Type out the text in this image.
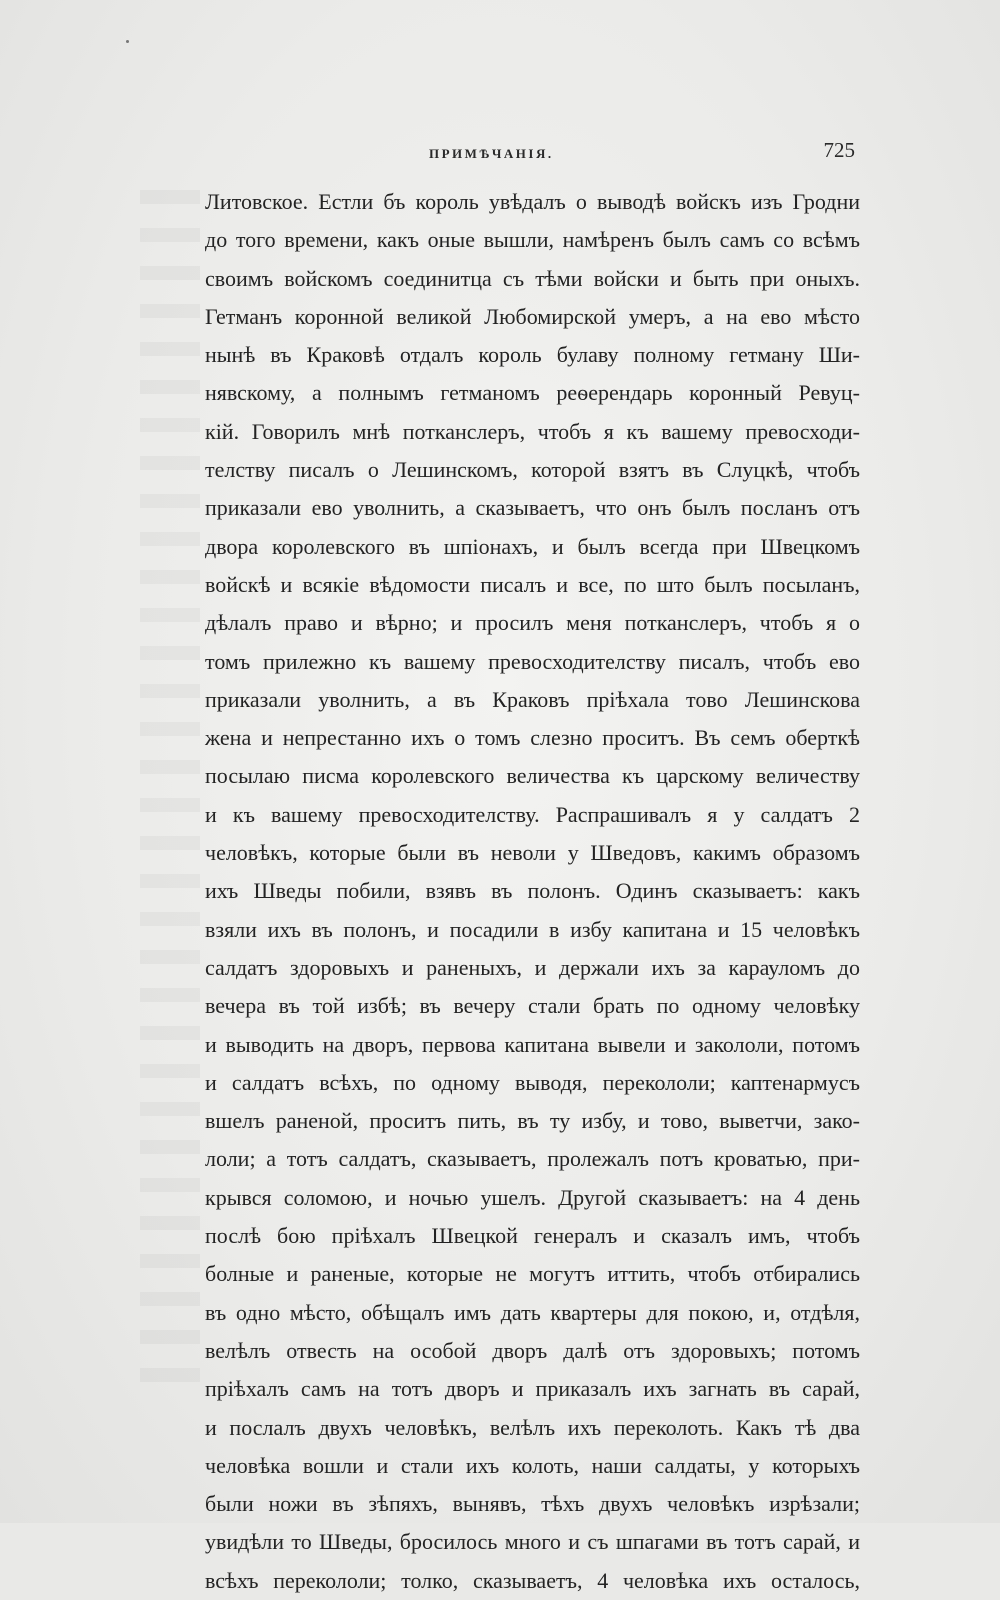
ПРИМѢЧАНІЯ.	725
Литовское. Естли бъ король увѣдалъ о выводѣ войскъ изъ Гродни
до того времени, какъ оные вышли, намѣренъ былъ самъ со всѣмъ
своимъ войскомъ соединитца съ тѣми войски и быть при оныхъ.
Гетманъ коронной великой Любомирской умеръ, а на ево мѣсто
нынѣ въ Краковѣ отдалъ король булаву полному гетману Ши-
нявскому, а полнымъ гетманомъ реѳерендарь коронный Ревуц-
кій. Говорилъ мнѣ потканслеръ, чтобъ я къ вашему превосходи-
телству писалъ о Лешинскомъ, которой взятъ въ Слуцкѣ, чтобъ
приказали ево уволнить, а сказываетъ, что онъ былъ посланъ отъ
двора королевского въ шпіонахъ, и былъ всегда при Швецкомъ
войскѣ и всякіе вѣдомости писалъ и все, по што былъ посыланъ,
дѣлалъ право и вѣрно; и просилъ меня потканслеръ, чтобъ я о
томъ прилежно къ вашему превосходителству писалъ, чтобъ ево
приказали уволнить, а въ Краковъ пріѣхала тово Лешинскова
жена и непрестанно ихъ о томъ слезно проситъ. Въ семъ оберткѣ
посылаю писма королевского величества къ царскому величеству
и къ вашему превосходителству. Распрашивалъ я у салдатъ 2
человѣкъ, которые были въ неволи у Шведовъ, какимъ образомъ
ихъ Шведы побили, взявъ въ полонъ. Одинъ сказываетъ: какъ
взяли ихъ въ полонъ, и посадили в избу капитана и 15 человѣкъ
салдатъ здоровыхъ и раненыхъ, и держали ихъ за карауломъ до
вечера въ той избѣ; въ вечеру стали брать по одному человѣку
и выводить на дворъ, первова капитана вывели и закололи, потомъ
и салдатъ всѣхъ, по одному выводя, перекололи; каптенармусъ
вшелъ раненой, проситъ пить, въ ту избу, и тово, выветчи, зако-
лоли; а тотъ салдатъ, сказываетъ, пролежалъ потъ кроватью, при-
крывся соломою, и ночью ушелъ. Другой сказываетъ: на 4 день
послѣ бою пріѣхалъ Швецкой генералъ и сказалъ имъ, чтобъ
болные и раненые, которые не могутъ иттить, чтобъ отбирались
въ одно мѣсто, обѣщалъ имъ дать квартеры для покою, и, отдѣля,
велѣлъ отвесть на особой дворъ далѣ отъ здоровыхъ; потомъ
пріѣхалъ самъ на тотъ дворъ и приказалъ ихъ загнать въ сарай,
и послалъ двухъ человѣкъ, велѣлъ ихъ переколоть. Какъ тѣ два
человѣка вошли и стали ихъ колоть, наши салдаты, у которыхъ
были ножи въ зѣпяхъ, вынявъ, тѣхъ двухъ человѣкъ изрѣзали;
увидѣли то Шведы, бросилось много и съ шпагами въ тотъ сарай, и
всѣхъ перекололи; толко, сказываетъ, 4 человѣка ихъ осталось,
